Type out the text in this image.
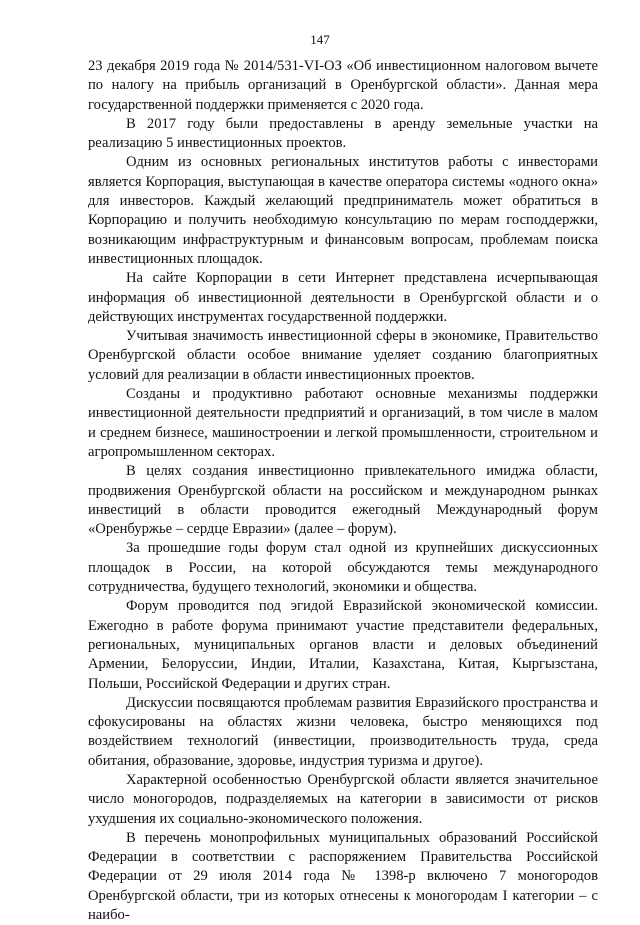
147

23 декабря 2019 года № 2014/531-VI-ОЗ «Об инвестиционном налоговом вычете по налогу на прибыль организаций в Оренбургской области». Данная мера государственной поддержки применяется с 2020 года.

В 2017 году были предоставлены в аренду земельные участки на реализацию 5 инвестиционных проектов.

Одним из основных региональных институтов работы с инвесторами является Корпорация, выступающая в качестве оператора системы «одного окна» для инвесторов. Каждый желающий предприниматель может обратиться в Корпорацию и получить необходимую консультацию по мерам господдержки, возникающим инфраструктурным и финансовым вопросам, проблемам поиска инвестиционных площадок.

На сайте Корпорации в сети Интернет представлена исчерпывающая информация об инвестиционной деятельности в Оренбургской области и о действующих инструментах государственной поддержки.

Учитывая значимость инвестиционной сферы в экономике, Правительство Оренбургской области особое внимание уделяет созданию благоприятных условий для реализации в области инвестиционных проектов.

Созданы и продуктивно работают основные механизмы поддержки инвестиционной деятельности предприятий и организаций, в том числе в малом и среднем бизнесе, машиностроении и легкой промышленности, строительном и агропромышленном секторах.

В целях создания инвестиционно привлекательного имиджа области, продвижения Оренбургской области на российском и международном рынках инвестиций в области проводится ежегодный Международный форум «Оренбуржье – сердце Евразии» (далее – форум).

За прошедшие годы форум стал одной из крупнейших дискуссионных площадок в России, на которой обсуждаются темы международного сотрудничества, будущего технологий, экономики и общества.

Форум проводится под эгидой Евразийской экономической комиссии. Ежегодно в работе форума принимают участие представители федеральных, региональных, муниципальных органов власти и деловых объединений Армении, Белоруссии, Индии, Италии, Казахстана, Китая, Кыргызстана, Польши, Российской Федерации и других стран.

Дискуссии посвящаются проблемам развития Евразийского пространства и сфокусированы на областях жизни человека, быстро меняющихся под воздействием технологий (инвестиции, производительность труда, среда обитания, образование, здоровье, индустрия туризма и другое).

Характерной особенностью Оренбургской области является значительное число моногородов, подразделяемых на категории в зависимости от рисков ухудшения их социально-экономического положения.

В перечень монопрофильных муниципальных образований Российской Федерации в соответствии с распоряжением Правительства Российской Федерации от 29 июля 2014 года № 1398-р включено 7 моногородов Оренбургской области, три из которых отнесены к моногородам I категории – с наибо-
